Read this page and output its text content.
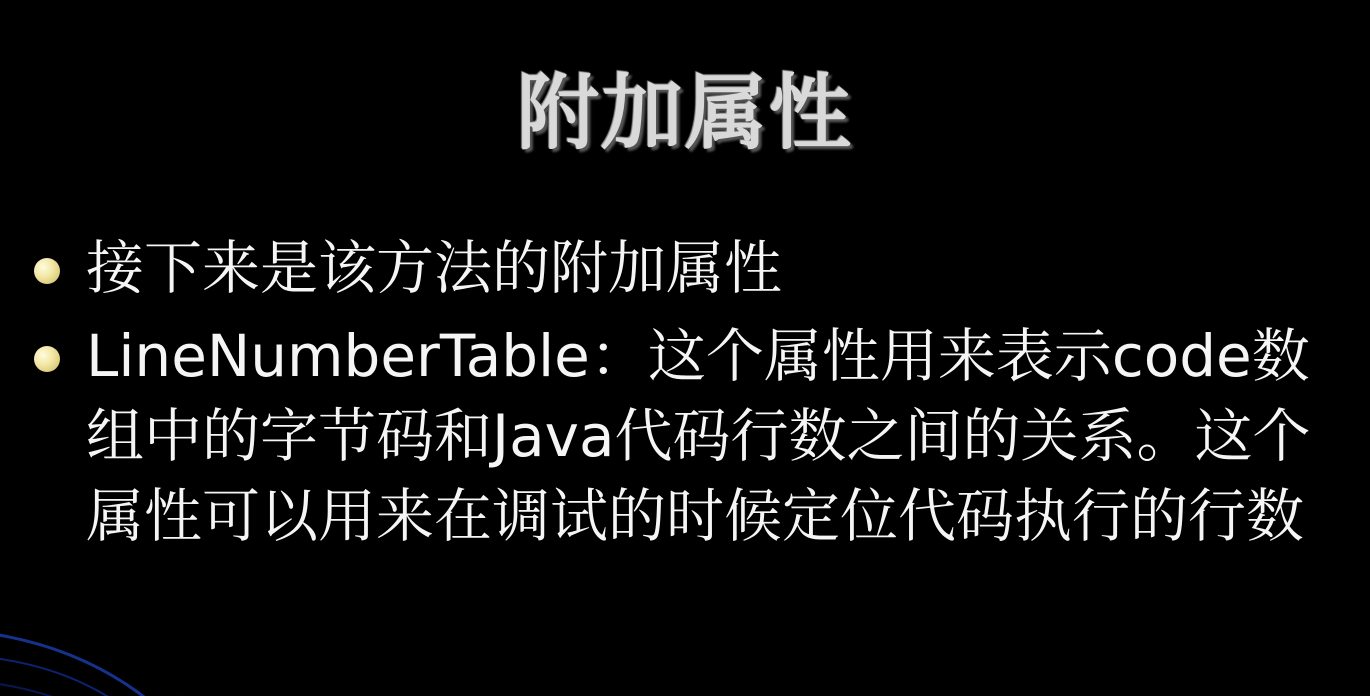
附加属性
接下来是该方法的附加属性
LineNumberTable：这个属性用来表示code数组中的字节码和Java代码行数之间的关系。这个属性可以用来在调试的时候定位代码执行的行数
